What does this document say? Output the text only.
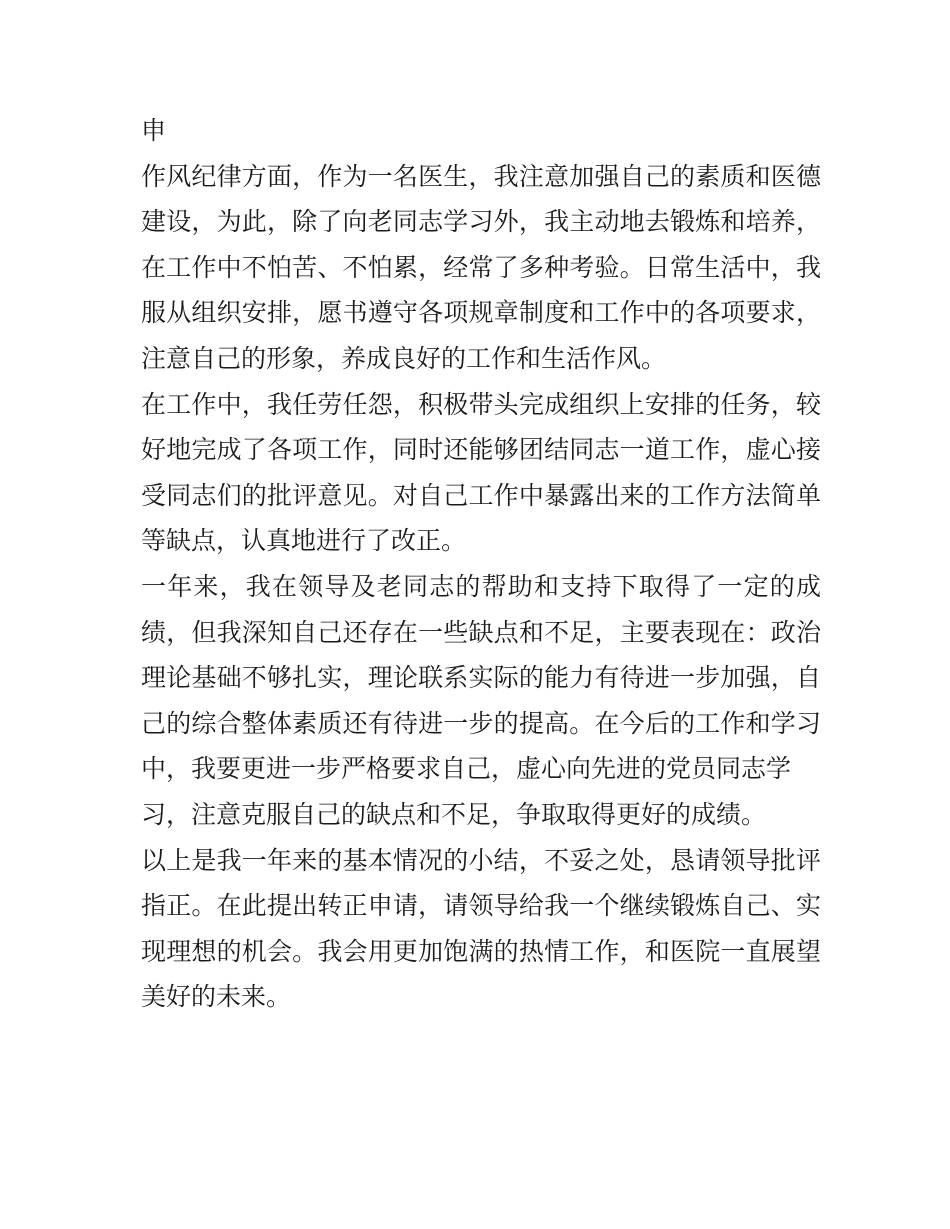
申
作风纪律方面，作为一名医生，我注意加强自己的素质和医德
建设，为此，除了向老同志学习外，我主动地去锻炼和培养，
在工作中不怕苦、不怕累，经常了多种考验。日常生活中，我
服从组织安排，愿书遵守各项规章制度和工作中的各项要求，
注意自己的形象，养成良好的工作和生活作风。
在工作中，我任劳任怨，积极带头完成组织上安排的任务，较
好地完成了各项工作，同时还能够团结同志一道工作，虚心接
受同志们的批评意见。对自己工作中暴露出来的工作方法简单
等缺点，认真地进行了改正。
一年来，我在领导及老同志的帮助和支持下取得了一定的成
绩，但我深知自己还存在一些缺点和不足，主要表现在：政治
理论基础不够扎实，理论联系实际的能力有待进一步加强，自
己的综合整体素质还有待进一步的提高。在今后的工作和学习
中，我要更进一步严格要求自己，虚心向先进的党员同志学
习，注意克服自己的缺点和不足，争取取得更好的成绩。
以上是我一年来的基本情况的小结，不妥之处，恳请领导批评
指正。在此提出转正申请，请领导给我一个继续锻炼自己、实
现理想的机会。我会用更加饱满的热情工作，和医院一直展望
美好的未来。
